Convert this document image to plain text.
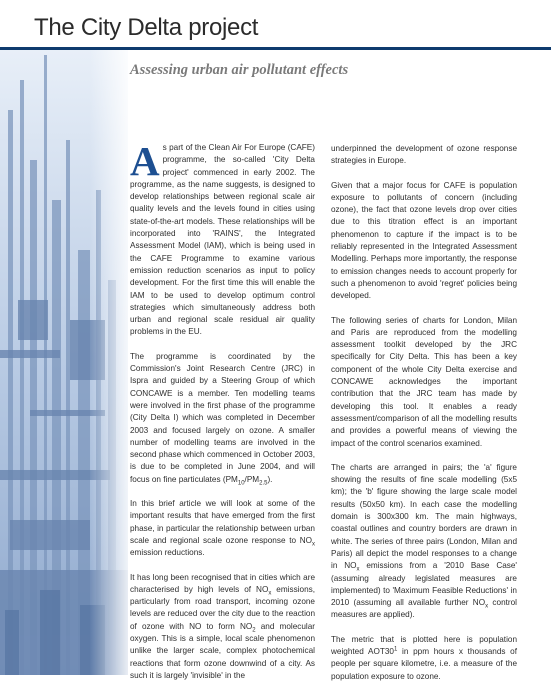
The City Delta project
Assessing urban air pollutant effects

As part of the Clean Air For Europe (CAFE) programme, the so-called 'City Delta project' commenced in early 2002. The programme, as the name suggests, is designed to develop relationships between regional scale air quality levels and the levels found in cities using state-of-the-art models. These relationships will be incorporated into 'RAINS', the Integrated Assessment Model (IAM), which is being used in the CAFE Programme to examine various emission reduction scenarios as input to policy development. For the first time this will enable the IAM to be used to develop optimum control strategies which simultaneously address both urban and regional scale residual air quality problems in the EU.

The programme is coordinated by the Commission's Joint Research Centre (JRC) in Ispra and guided by a Steering Group of which CONCAWE is a member. Ten modelling teams were involved in the first phase of the programme (City Delta I) which was completed in December 2003 and focused largely on ozone. A smaller number of modelling teams are involved in the second phase which commenced in October 2003, is due to be completed in June 2004, and will focus on fine particulates $(PM_{10}/PM_{2.5})$.

In this brief article we will look at some of the important results that have emerged from the first phase, in particular the relationship between urban scale and regional scale ozone response to $NO_x$ emission reductions.

It has long been recognised that in cities which are characterised by high levels of $NO_x$ emissions, particularly from road transport, incoming ozone levels are reduced over the city due to the reaction of ozone with NO to form $NO_2$ and molecular oxygen. This is a simple, local scale phenomenon unlike the larger scale, complex photochemical reactions that form ozone downwind of a city. As such it is largely 'invisible' in the

underpinned the development of ozone response strategies in Europe.

Given that a major focus for CAFE is population exposure to pollutants of concern (including ozone), the fact that ozone levels drop over cities due to this titration effect is an important phenomenon to capture if the impact is to be reliably represented in the Integrated Assessment Modelling. Perhaps more importantly, the response to emission changes needs to account properly for such a phenomenon to avoid 'regret' policies being developed.

The following series of charts for London, Milan and Paris are reproduced from the modelling assessment toolkit developed by the JRC specifically for City Delta. This has been a key component of the whole City Delta exercise and CONCAWE acknowledges the important contribution that the JRC team has made by developing this tool. It enables a ready assessment/comparison of all the modelling results and provides a powerful means of viewing the impact of the control scenarios examined.

The charts are arranged in pairs; the 'a' figure showing the results of fine scale modelling (5x5 km); the 'b' figure showing the large scale model results (50x50 km). In each case the modelling domain is 300x300 km. The main highways, coastal outlines and country borders are drawn in white. The series of three pairs (London, Milan and Paris) all depict the model responses to a change in $NO_x$ emissions from a '2010 Base Case' (assuming already legislated measures are implemented) to 'Maximum Feasible Reductions' in 2010 (assuming all available further $NO_x$ control measures are applied).

The metric that is plotted here is population weighted $AOT30^1$ in ppm hours x thousands of people per square kilometre, i.e. a measure of the population exposure to ozone.
